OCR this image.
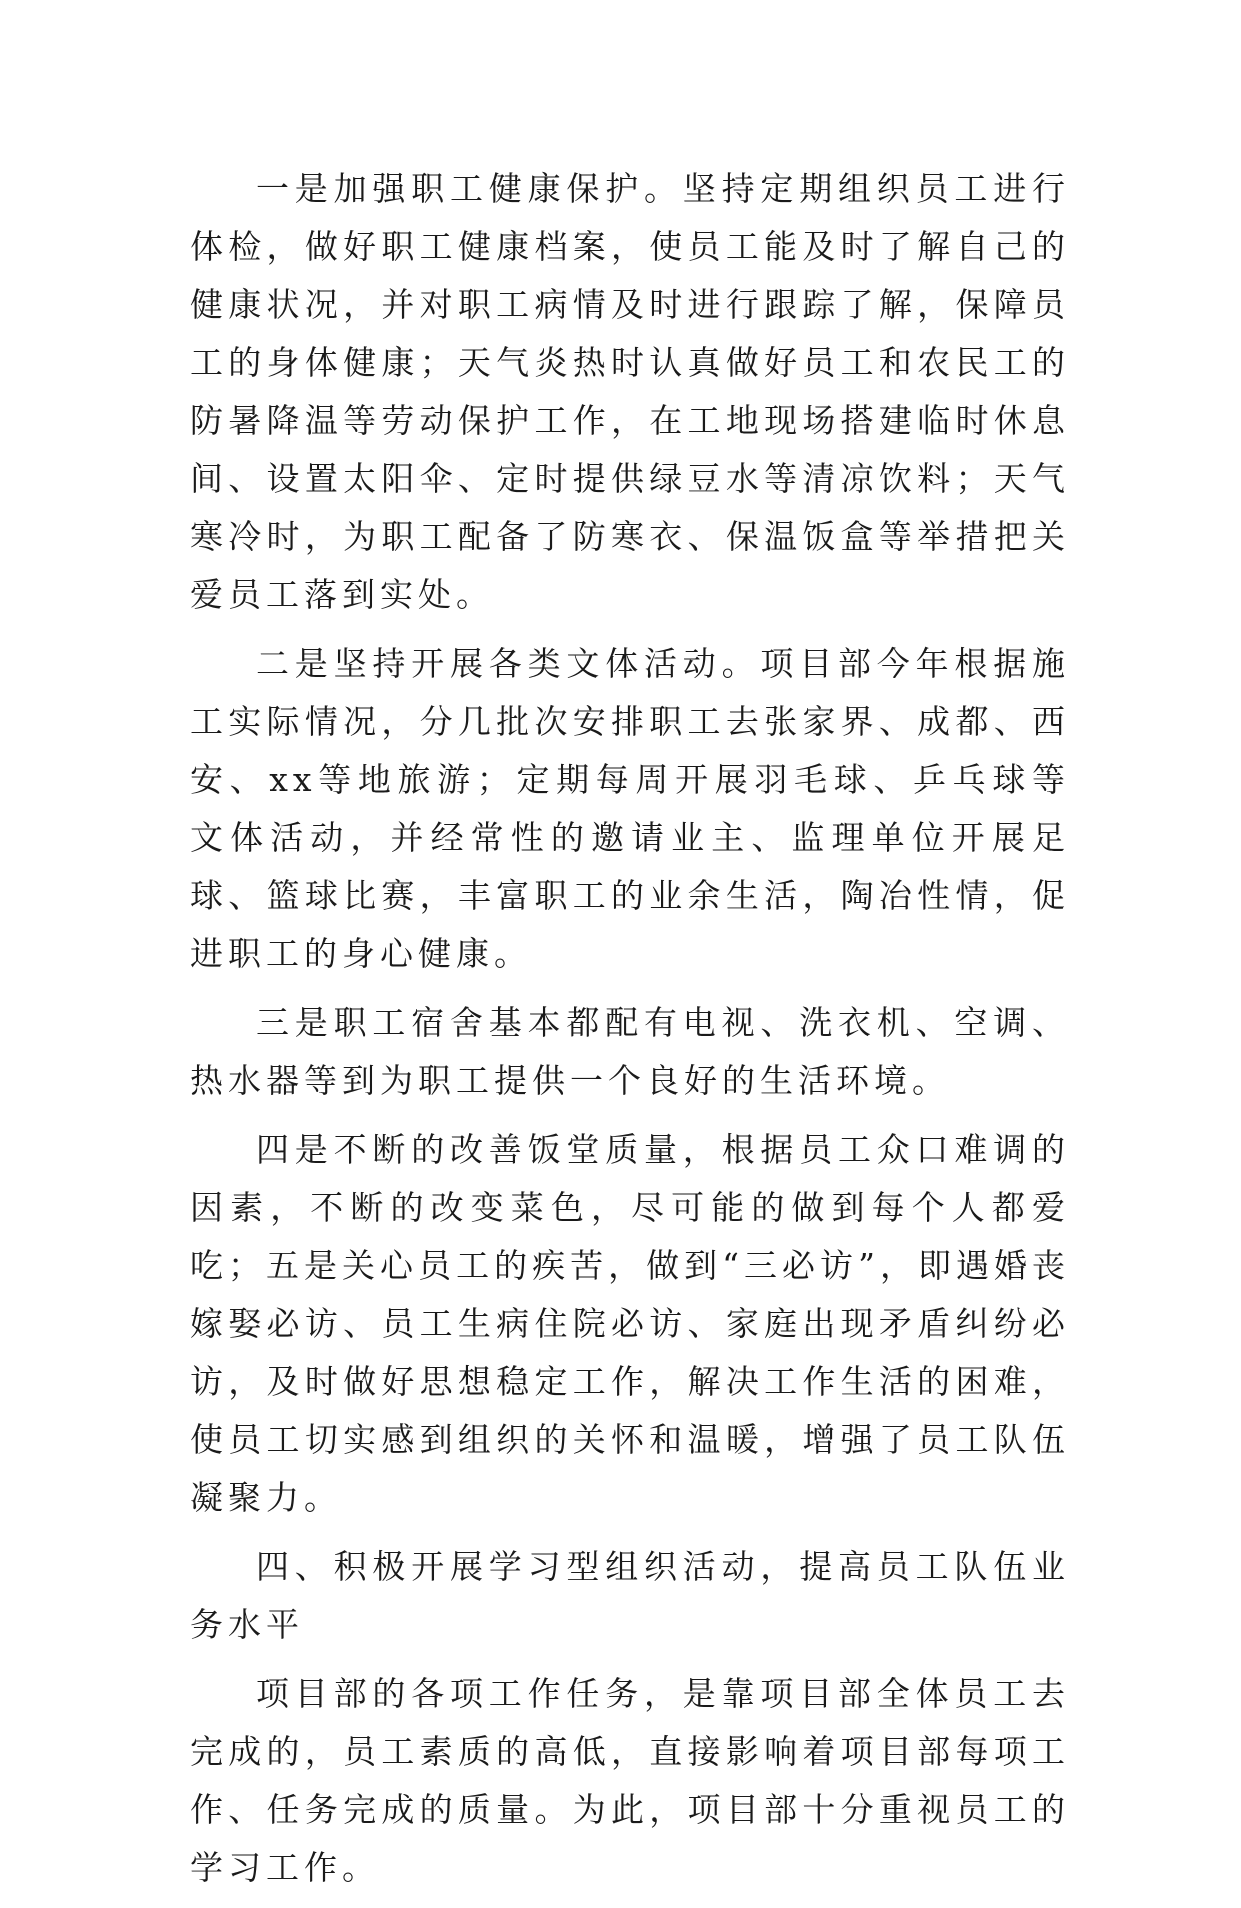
一是加强职工健康保护。坚持定期组织员工进行体检，做好职工健康档案，使员工能及时了解自己的健康状况，并对职工病情及时进行跟踪了解，保障员工的身体健康；天气炎热时认真做好员工和农民工的防暑降温等劳动保护工作，在工地现场搭建临时休息间、设置太阳伞、定时提供绿豆水等清凉饮料；天气寒冷时，为职工配备了防寒衣、保温饭盒等举措把关爱员工落到实处。

二是坚持开展各类文体活动。项目部今年根据施工实际情况，分几批次安排职工去张家界、成都、西安、xx等地旅游；定期每周开展羽毛球、乒乓球等文体活动，并经常性的邀请业主、监理单位开展足球、篮球比赛，丰富职工的业余生活，陶冶性情，促进职工的身心健康。

三是职工宿舍基本都配有电视、洗衣机、空调、热水器等到为职工提供一个良好的生活环境。

四是不断的改善饭堂质量，根据员工众口难调的因素，不断的改变菜色，尽可能的做到每个人都爱吃；五是关心员工的疾苦，做到“三必访”，即遇婚丧嫁娶必访、员工生病住院必访、家庭出现矛盾纠纷必访，及时做好思想稳定工作，解决工作生活的困难，使员工切实感到组织的关怀和温暖，增强了员工队伍凝聚力。

四、积极开展学习型组织活动，提高员工队伍业务水平

项目部的各项工作任务，是靠项目部全体员工去完成的，员工素质的高低，直接影响着项目部每项工作、任务完成的质量。为此，项目部十分重视员工的学习工作。
